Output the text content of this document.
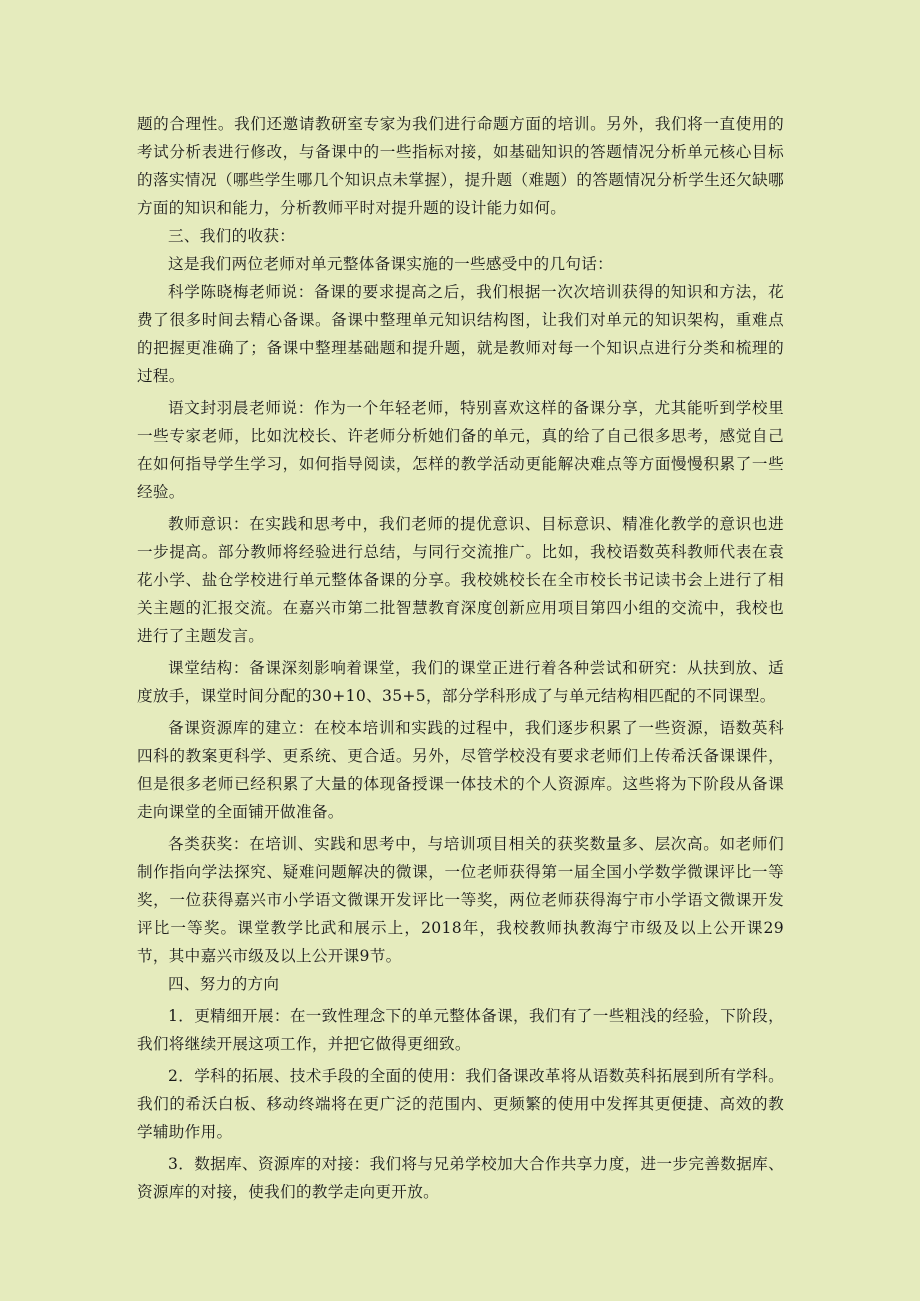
题的合理性。我们还邀请教研室专家为我们进行命题方面的培训。另外，我们将一直使用的考试分析表进行修改，与备课中的一些指标对接，如基础知识的答题情况分析单元核心目标的落实情况（哪些学生哪几个知识点未掌握），提升题（难题）的答题情况分析学生还欠缺哪方面的知识和能力，分析教师平时对提升题的设计能力如何。

三、我们的收获：

这是我们两位老师对单元整体备课实施的一些感受中的几句话：

科学陈晓梅老师说：备课的要求提高之后，我们根据一次次培训获得的知识和方法，花费了很多时间去精心备课。备课中整理单元知识结构图，让我们对单元的知识架构，重难点的把握更准确了；备课中整理基础题和提升题，就是教师对每一个知识点进行分类和梳理的过程。

语文封羽晨老师说：作为一个年轻老师，特别喜欢这样的备课分享，尤其能听到学校里一些专家老师，比如沈校长、许老师分析她们备的单元，真的给了自己很多思考，感觉自己在如何指导学生学习，如何指导阅读，怎样的教学活动更能解决难点等方面慢慢积累了一些经验。

教师意识：在实践和思考中，我们老师的提优意识、目标意识、精准化教学的意识也进一步提高。部分教师将经验进行总结，与同行交流推广。比如，我校语数英科教师代表在袁花小学、盐仓学校进行单元整体备课的分享。我校姚校长在全市校长书记读书会上进行了相关主题的汇报交流。在嘉兴市第二批智慧教育深度创新应用项目第四小组的交流中，我校也进行了主题发言。

课堂结构：备课深刻影响着课堂，我们的课堂正进行着各种尝试和研究：从扶到放、适度放手，课堂时间分配的30+10、35+5，部分学科形成了与单元结构相匹配的不同课型。

备课资源库的建立：在校本培训和实践的过程中，我们逐步积累了一些资源，语数英科四科的教案更科学、更系统、更合适。另外，尽管学校没有要求老师们上传希沃备课课件，但是很多老师已经积累了大量的体现备授课一体技术的个人资源库。这些将为下阶段从备课走向课堂的全面铺开做准备。

各类获奖：在培训、实践和思考中，与培训项目相关的获奖数量多、层次高。如老师们制作指向学法探究、疑难问题解决的微课，一位老师获得第一届全国小学数学微课评比一等奖，一位获得嘉兴市小学语文微课开发评比一等奖，两位老师获得海宁市小学语文微课开发评比一等奖。课堂教学比武和展示上，2018年，我校教师执教海宁市级及以上公开课29节，其中嘉兴市级及以上公开课9节。

四、努力的方向

1．更精细开展：在一致性理念下的单元整体备课，我们有了一些粗浅的经验，下阶段，我们将继续开展这项工作，并把它做得更细致。

2．学科的拓展、技术手段的全面的使用：我们备课改革将从语数英科拓展到所有学科。我们的希沃白板、移动终端将在更广泛的范围内、更频繁的使用中发挥其更便捷、高效的教学辅助作用。

3．数据库、资源库的对接：我们将与兄弟学校加大合作共享力度，进一步完善数据库、资源库的对接，使我们的教学走向更开放。
